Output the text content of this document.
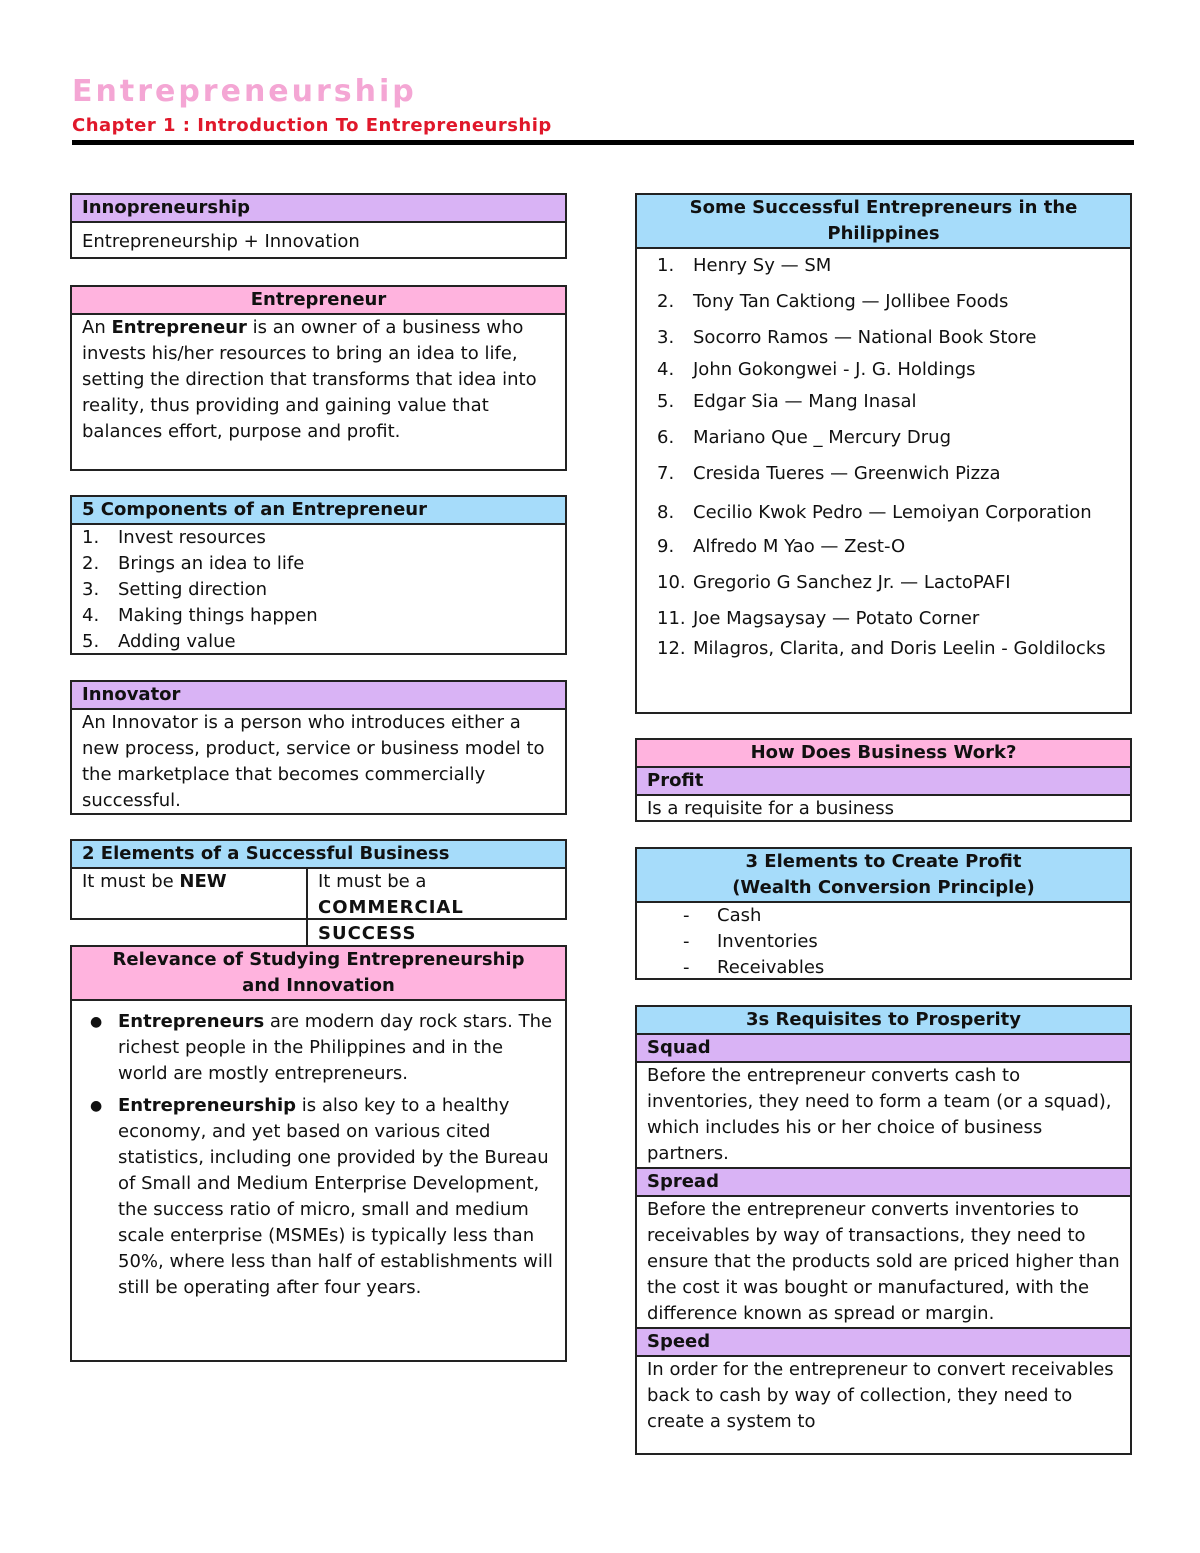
Entrepreneurship
Chapter 1 : Introduction To Entrepreneurship
Innopreneurship
Entrepreneurship + Innovation
Entrepreneur

An Entrepreneur is an owner of a business who invests his/her resources to bring an idea to life, setting the direction that transforms that idea into reality, thus providing and gaining value that balances effort, purpose and profit.

5 Components of an Entrepreneur
1.	Invest resources
2.	Brings an idea to life
3.	Setting direction
4.	Making things happen
5.	Adding value
Innovator
An Innovator is a person who introduces either a new process, product, service or business model to the marketplace that becomes commercially successful.
2 Elements of a Successful Business
It must be NEW	It must be a
COMMERCIAL SUCCESS
Relevance of Studying Entrepreneurship and Innovation
● Entrepreneurs are modern day rock stars. The richest people in the Philippines and in the world are mostly entrepreneurs.
● Entrepreneurship is also key to a healthy economy, and yet based on various cited statistics, including one provided by the Bureau of Small and Medium Enterprise Development, the success ratio of micro, small and medium scale enterprise (MSMEs) is typically less than 50%, where less than half of establishments will still be operating after four years.
Some Successful Entrepreneurs in the Philippines
1.	Henry Sy — SM
2.	Tony Tan Caktiong — Jollibee Foods
3.	Socorro Ramos — National Book Store
4.	John Gokongwei - J. G. Holdings
5.	Edgar Sia — Mang Inasal
6.	Mariano Que _ Mercury Drug
7.	Cresida Tueres — Greenwich Pizza
8.	Cecilio Kwok Pedro — Lemoiyan Corporation
9.	Alfredo M Yao — Zest-O
10. Gregorio G Sanchez Jr. — LactoPAFI
11. Joe Magsaysay — Potato Corner
12. Milagros, Clarita, and Doris Leelin - Goldilocks
How Does Business Work?
Profit
Is a requisite for a business
3 Elements to Create Profit
(Wealth Conversion Principle)
-	Cash
-	Inventories
-	Receivables
3s Requisites to Prosperity
Squad
Before the entrepreneur converts cash to inventories, they need to form a team (or a squad), which includes his or her choice of business partners.
Spread
Before the entrepreneur converts inventories to receivables by way of transactions, they need to ensure that the products sold are priced higher than the cost it was bought or manufactured, with the difference known as spread or margin.
Speed
In order for the entrepreneur to convert receivables back to cash by way of collection, they need to create a system to
